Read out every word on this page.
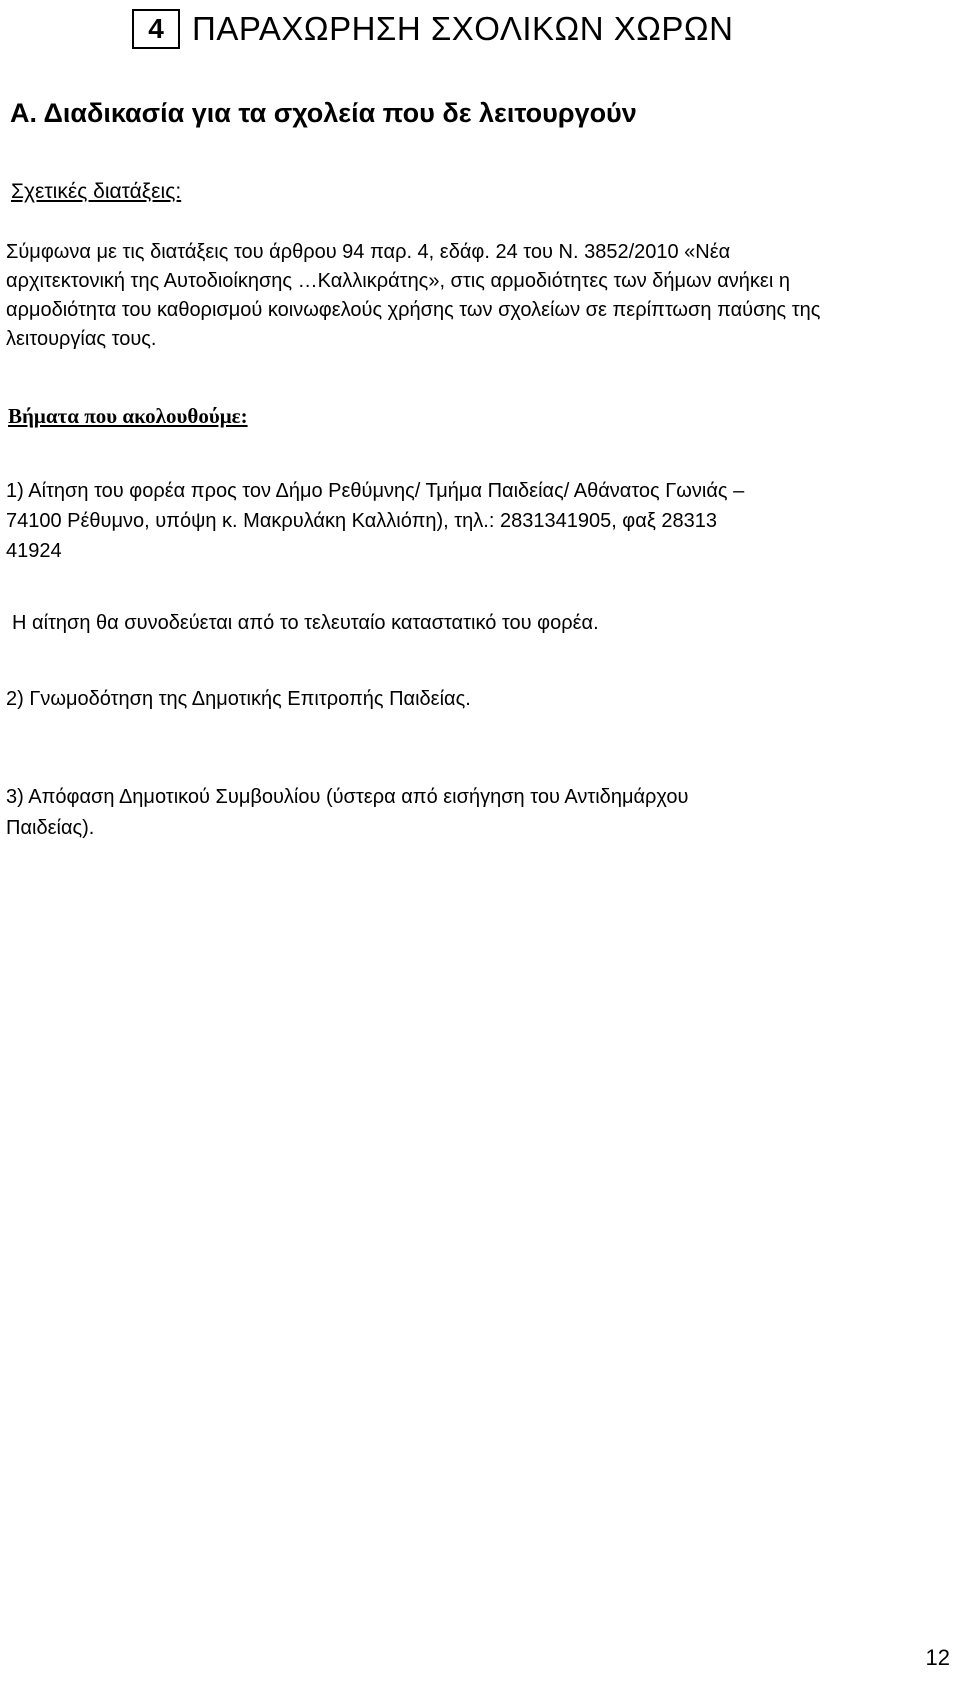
4 ΠΑΡΑΧΩΡΗΣΗ ΣΧΟΛΙΚΩΝ ΧΩΡΩΝ
Α. Διαδικασία για τα σχολεία που δε λειτουργούν
Σχετικές διατάξεις:
Σύμφωνα με τις διατάξεις του άρθρου 94 παρ. 4, εδάφ. 24 του Ν. 3852/2010 «Νέα
αρχιτεκτονική της Αυτοδιοίκησης …Καλλικράτης», στις αρμοδιότητες των δήμων ανήκει η
αρμοδιότητα του καθορισμού κοινωφελούς χρήσης των σχολείων σε περίπτωση παύσης της
λειτουργίας τους.
Βήματα που ακολουθούμε:
1) Αίτηση του φορέα προς τον Δήμο Ρεθύμνης/ Τμήμα Παιδείας/ Αθάνατος Γωνιάς –
74100 Ρέθυμνο, υπόψη κ. Μακρυλάκη Καλλιόπη), τηλ.: 2831341905, φαξ 28313
41924
Η αίτηση θα συνοδεύεται από το τελευταίο καταστατικό του φορέα.
2) Γνωμοδότηση της Δημοτικής Επιτροπής Παιδείας.
3) Απόφαση Δημοτικού Συμβουλίου (ύστερα από εισήγηση του Αντιδημάρχου
Παιδείας).
12
